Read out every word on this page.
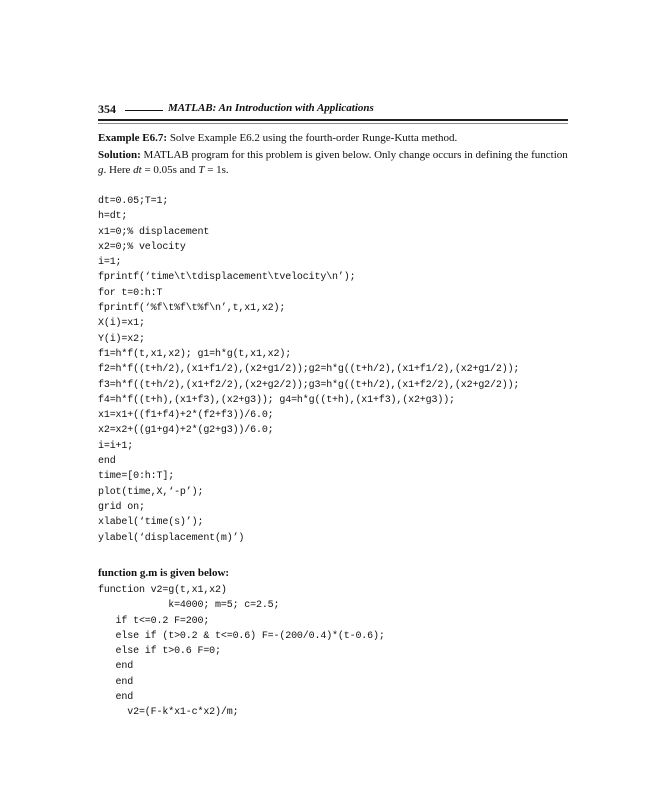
354	MATLAB: An Introduction with Applications
Example E6.7: Solve Example E6.2 using the fourth-order Runge-Kutta method.
Solution: MATLAB program for this problem is given below. Only change occurs in defining the function g. Here dt = 0.05s and T = 1s.
dt=0.05;T=1;
h=dt;
x1=0;% displacement
x2=0;% velocity
i=1;
fprintf(‘time\t\tdisplacement\tvelocity\n’);
for t=0:h:T
fprintf(‘%f\t%f\t%f\n’,t,x1,x2);
X(i)=x1;
Y(i)=x2;
f1=h*f(t,x1,x2); g1=h*g(t,x1,x2);
f2=h*f((t+h/2),(x1+f1/2),(x2+g1/2));g2=h*g((t+h/2),(x1+f1/2),(x2+g1/2));
f3=h*f((t+h/2),(x1+f2/2),(x2+g2/2));g3=h*g((t+h/2),(x1+f2/2),(x2+g2/2));
f4=h*f((t+h),(x1+f3),(x2+g3)); g4=h*g((t+h),(x1+f3),(x2+g3));
x1=x1+((f1+f4)+2*(f2+f3))/6.0;
x2=x2+((g1+g4)+2*(g2+g3))/6.0;
i=i+1;
end
time=[0:h:T];
plot(time,X,‘-p’);
grid on;
xlabel(‘time(s)’);
ylabel(‘displacement(m)’)
function g.m is given below:
function v2=g(t,x1,x2)
k=4000; m=5; c=2.5;
if t<=0.2 F=200;
else if (t>0.2 & t<=0.6) F=-(200/0.4)*(t-0.6);
else if t>0.6 F=0;
end
end
end
v2=(F-k*x1-c*x2)/m;
